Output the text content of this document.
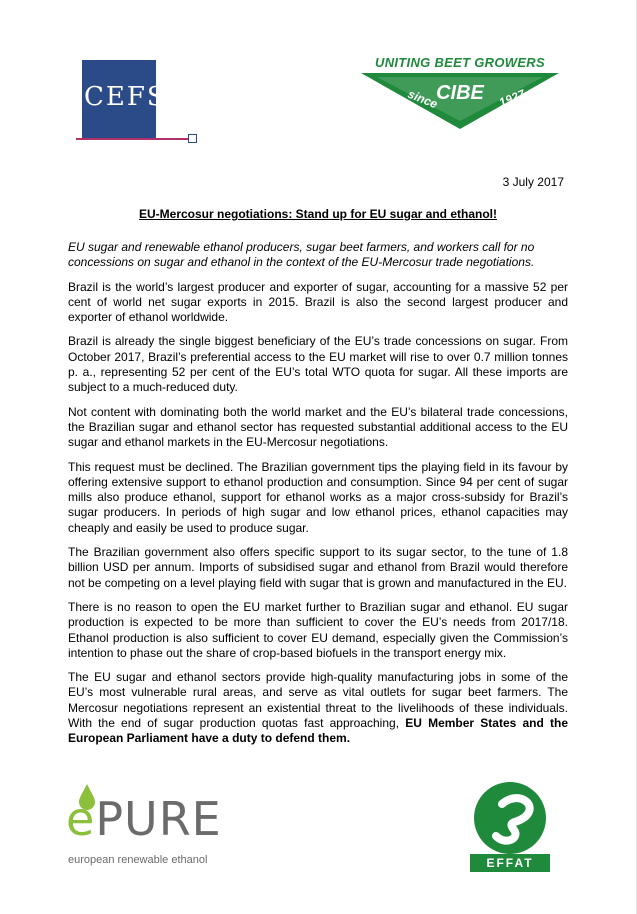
CEFS
UNITING BEET GROWERS
CIBE
since	1927
3 July 2017
EU-Mercosur negotiations: Stand up for EU sugar and ethanol!

EU sugar and renewable ethanol producers, sugar beet farmers, and workers call for no concessions on sugar and ethanol in the context of the EU-Mercosur trade negotiations.

Brazil is the world’s largest producer and exporter of sugar, accounting for a massive 52 per cent of world net sugar exports in 2015. Brazil is also the second largest producer and exporter of ethanol worldwide.

Brazil is already the single biggest beneficiary of the EU’s trade concessions on sugar. From October 2017, Brazil’s preferential access to the EU market will rise to over 0.7 million tonnes p. a., representing 52 per cent of the EU’s total WTO quota for sugar. All these imports are subject to a much-reduced duty.

Not content with dominating both the world market and the EU’s bilateral trade concessions, the Brazilian sugar and ethanol sector has requested substantial additional access to the EU sugar and ethanol markets in the EU-Mercosur negotiations.

This request must be declined. The Brazilian government tips the playing field in its favour by offering extensive support to ethanol production and consumption. Since 94 per cent of sugar mills also produce ethanol, support for ethanol works as a major cross-subsidy for Brazil’s sugar producers. In periods of high sugar and low ethanol prices, ethanol capacities may cheaply and easily be used to produce sugar.

The Brazilian government also offers specific support to its sugar sector, to the tune of 1.8 billion USD per annum. Imports of subsidised sugar and ethanol from Brazil would therefore not be competing on a level playing field with sugar that is grown and manufactured in the EU.

There is no reason to open the EU market further to Brazilian sugar and ethanol. EU sugar production is expected to be more than sufficient to cover the EU’s needs from 2017/18. Ethanol production is also sufficient to cover EU demand, especially given the Commission’s intention to phase out the share of crop-based biofuels in the transport energy mix.

The EU sugar and ethanol sectors provide high-quality manufacturing jobs in some of the EU’s most vulnerable rural areas, and serve as vital outlets for sugar beet farmers. The Mercosur negotiations represent an existential threat to the livelihoods of these individuals. With the end of sugar production quotas fast approaching, EU Member States and the European Parliament have a duty to defend them.

ePURE
european renewable ethanol	EFFAT
